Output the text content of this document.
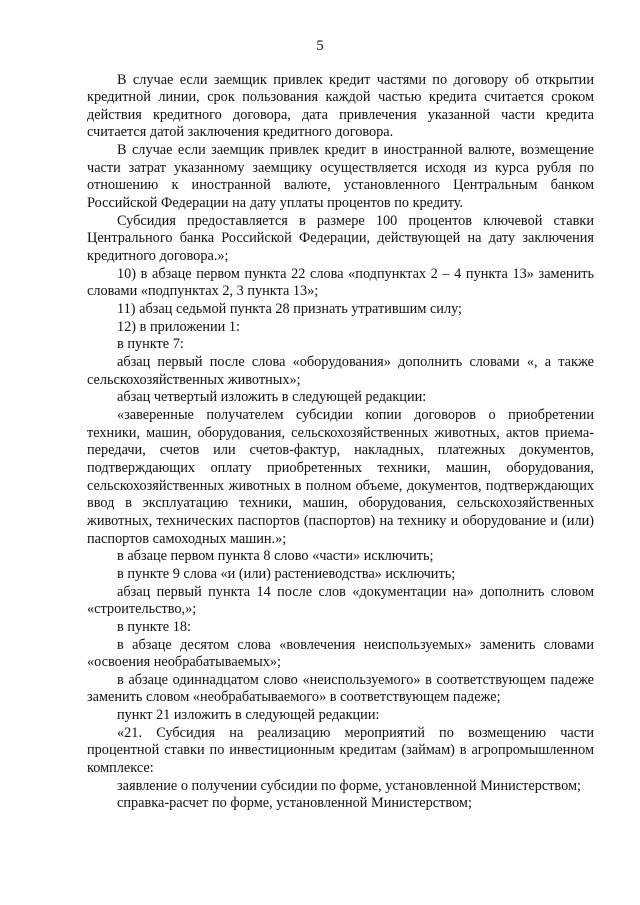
5

В случае если заемщик привлек кредит частями по договору об открытии кредитной линии, срок пользования каждой частью кредита считается сроком действия кредитного договора, дата привлечения указанной части кредита считается датой заключения кредитного договора.

В случае если заемщик привлек кредит в иностранной валюте, возмещение части затрат указанному заемщику осуществляется исходя из курса рубля по отношению к иностранной валюте, установленного Центральным банком Российской Федерации на дату уплаты процентов по кредиту.

Субсидия предоставляется в размере 100 процентов ключевой ставки Центрального банка Российской Федерации, действующей на дату заключения кредитного договора.»;

10) в абзаце первом пункта 22 слова «подпунктах 2 – 4 пункта 13» заменить словами «подпунктах 2, 3 пункта 13»;

11) абзац седьмой пункта 28 признать утратившим силу;

12) в приложении 1:

в пункте 7:

абзац первый после слова «оборудования» дополнить словами «, а также сельскохозяйственных животных»;

абзац четвертый изложить в следующей редакции:

«заверенные получателем субсидии копии договоров о приобретении техники, машин, оборудования, сельскохозяйственных животных, актов приема-передачи, счетов или счетов-фактур, накладных, платежных документов, подтверждающих оплату приобретенных техники, машин, оборудования, сельскохозяйственных животных в полном объеме, документов, подтверждающих ввод в эксплуатацию техники, машин, оборудования, сельскохозяйственных животных, технических паспортов (паспортов) на технику и оборудование и (или) паспортов самоходных машин.»;

в абзаце первом пункта 8 слово «части» исключить;

в пункте 9 слова «и (или) растениеводства» исключить;

абзац первый пункта 14 после слов «документации на» дополнить словом «строительство,»;

в пункте 18:

в абзаце десятом слова «вовлечения неиспользуемых» заменить словами «освоения необрабатываемых»;

в абзаце одиннадцатом слово «неиспользуемого» в соответствующем падеже заменить словом «необрабатываемого» в соответствующем падеже;

пункт 21 изложить в следующей редакции:

«21. Субсидия на реализацию мероприятий по возмещению части процентной ставки по инвестиционным кредитам (займам) в агропромышленном комплексе:

заявление о получении субсидии по форме, установленной Министерством;

справка-расчет по форме, установленной Министерством;
